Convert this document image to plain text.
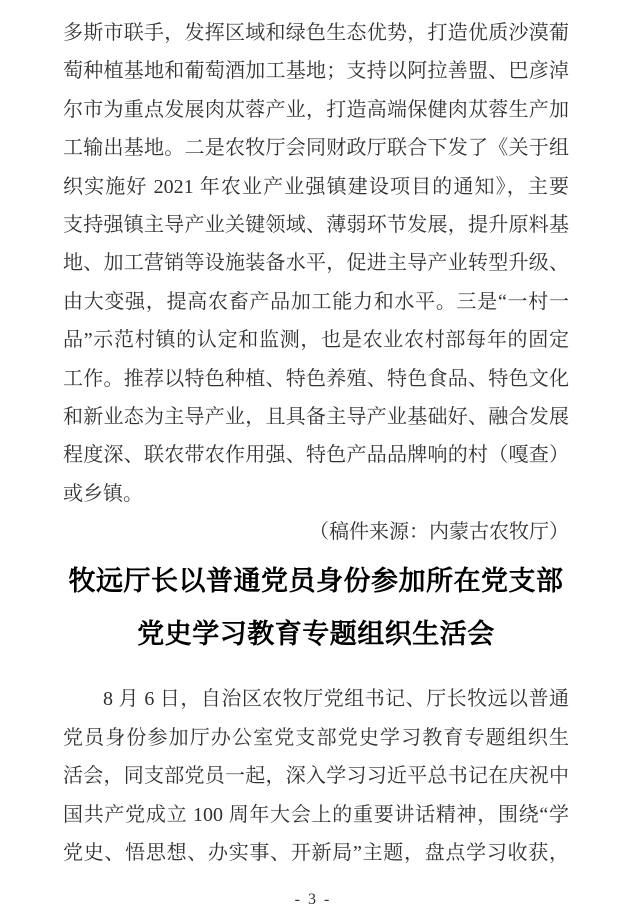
多斯市联手，发挥区域和绿色生态优势，打造优质沙漠葡
萄种植基地和葡萄酒加工基地；支持以阿拉善盟、巴彦淖
尔市为重点发展肉苁蓉产业，打造高端保健肉苁蓉生产加
工输出基地。二是农牧厅会同财政厅联合下发了《关于组
织实施好 2021 年农业产业强镇建设项目的通知》，主要
支持强镇主导产业关键领域、薄弱环节发展，提升原料基
地、加工营销等设施装备水平，促进主导产业转型升级、
由大变强，提高农畜产品加工能力和水平。三是“一村一
品”示范村镇的认定和监测，也是农业农村部每年的固定
工作。推荐以特色种植、特色养殖、特色食品、特色文化
和新业态为主导产业，且具备主导产业基础好、融合发展
程度深、联农带农作用强、特色产品品牌响的村（嘎查）
或乡镇。
（稿件来源：内蒙古农牧厅）
牧远厅长以普通党员身份参加所在党支部
党史学习教育专题组织生活会
8 月 6 日，自治区农牧厅党组书记、厅长牧远以普通
党员身份参加厅办公室党支部党史学习教育专题组织生
活会，同支部党员一起，深入学习习近平总书记在庆祝中
国共产党成立 100 周年大会上的重要讲话精神，围绕“学
党史、悟思想、办实事、开新局”主题，盘点学习收获，
- 3 -
